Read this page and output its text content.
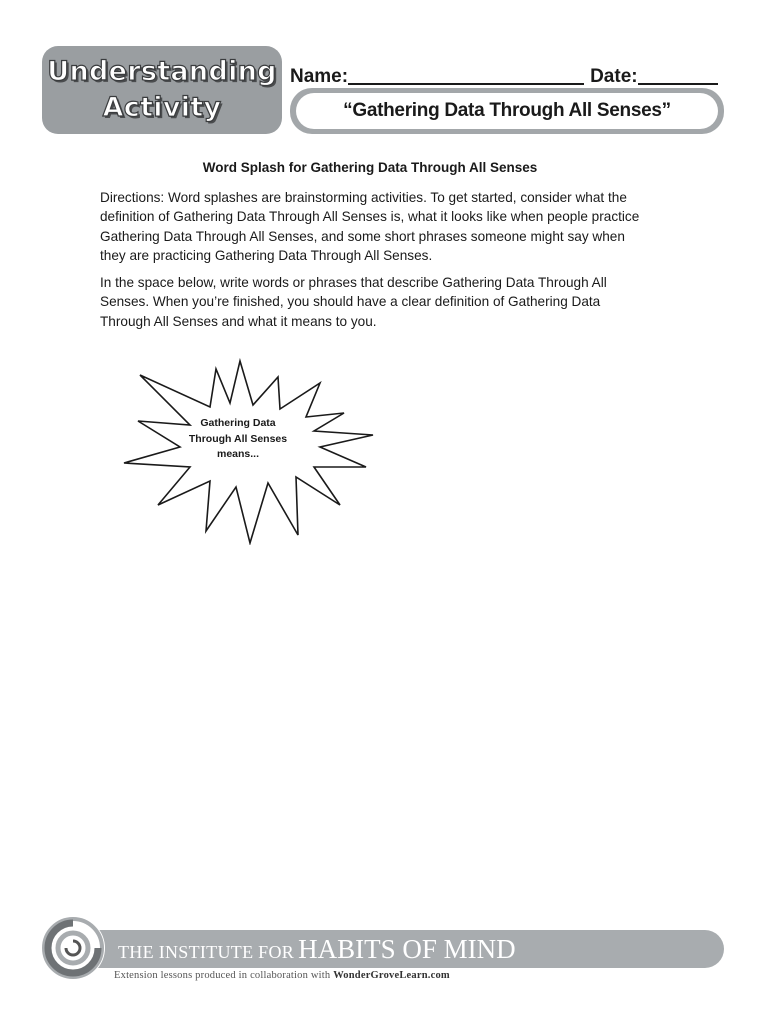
Understanding
Activity
Name:	Date:
“Gathering Data Through All Senses”
Word Splash for Gathering Data Through All Senses
Directions: Word splashes are brainstorming activities. To get started, consider what the definition of Gathering Data Through All Senses is, what it looks like when people practice Gathering Data Through All Senses, and some short phrases someone might say when they are practicing Gathering Data Through All Senses.
In the space below, write words or phrases that describe Gathering Data Through All Senses. When you’re finished, you should have a clear definition of Gathering Data Through All Senses and what it means to you.
Gathering Data
Through All Senses
means...
THE INSTITUTE FOR HABITS OF MIND
Extension lessons produced in collaboration with WonderGroveLearn.com
